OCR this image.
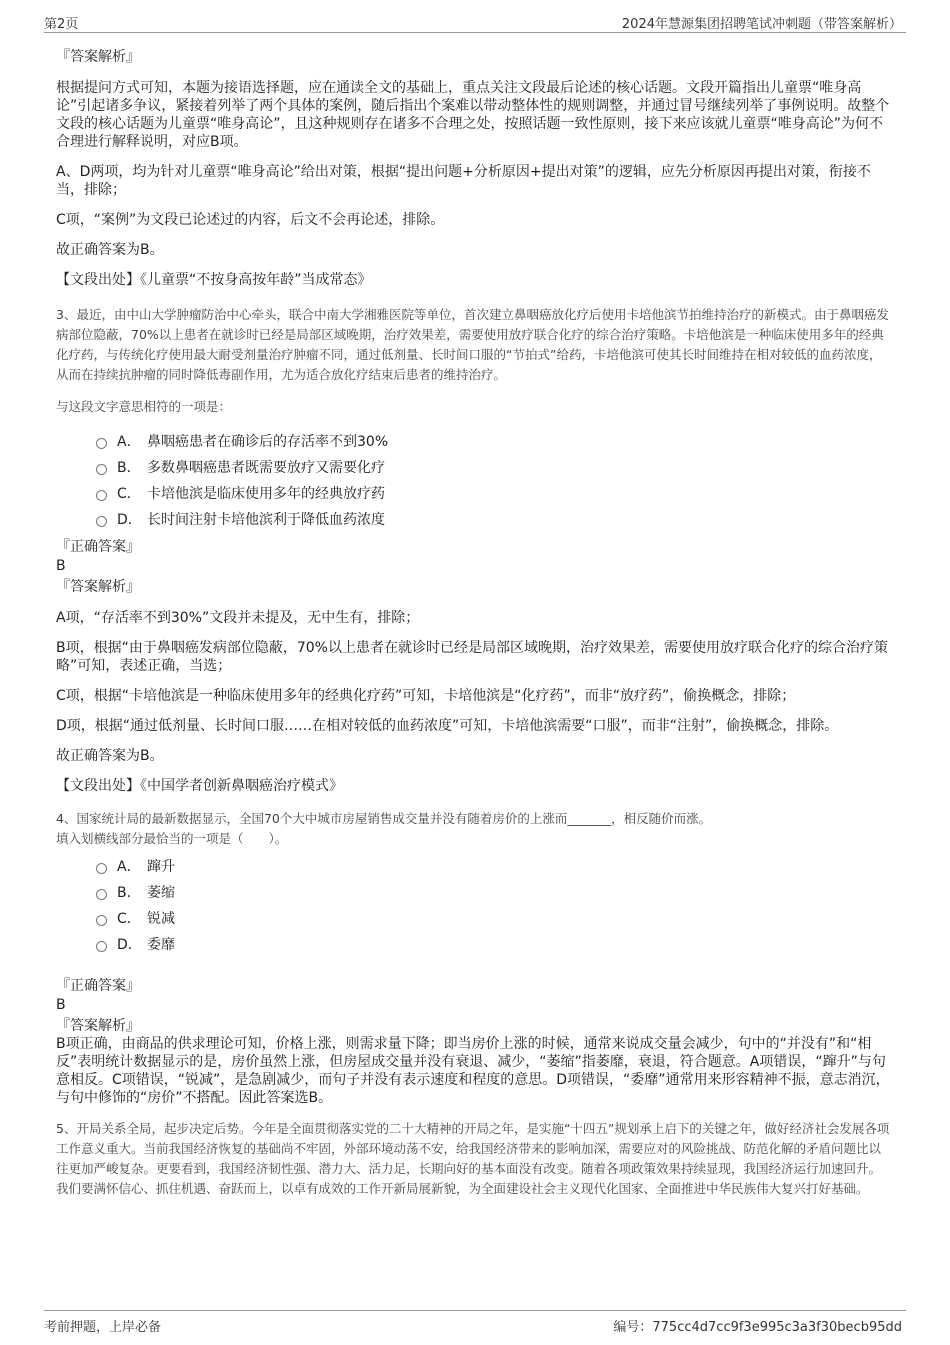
第2页	2024年慧源集团招聘笔试冲刺题（带答案解析）

『答案解析』

根据提问方式可知，本题为接语选择题，应在通读全文的基础上，重点关注文段最后论述的核心话题。文段开篇指出儿童票“唯身高论”引起诸多争议，紧接着列举了两个具体的案例，随后指出个案难以带动整体性的规则调整，并通过冒号继续列举了事例说明。故整个文段的核心话题为儿童票“唯身高论”，且这种规则存在诸多不合理之处，按照话题一致性原则，接下来应该就儿童票“唯身高论”为何不合理进行解释说明，对应B项。

A、D两项，均为针对儿童票“唯身高论”给出对策，根据“提出问题+分析原因+提出对策”的逻辑，应先分析原因再提出对策，衔接不当，排除；

C项，“案例”为文段已论述过的内容，后文不会再论述，排除。

故正确答案为B。

【文段出处】《儿童票“不按身高按年龄”当成常态》

3、最近，由中山大学肿瘤防治中心牵头，联合中南大学湘雅医院等单位，首次建立鼻咽癌放化疗后使用卡培他滨节拍维持治疗的新模式。由于鼻咽癌发病部位隐蔽，70%以上患者在就诊时已经是局部区域晚期，治疗效果差，需要使用放疗联合化疗的综合治疗策略。卡培他滨是一种临床使用多年的经典化疗药，与传统化疗使用最大耐受剂量治疗肿瘤不同，通过低剂量、长时间口服的“节拍式”给药，卡培他滨可使其长时间维持在相对较低的血药浓度，从而在持续抗肿瘤的同时降低毒副作用，尤为适合放化疗结束后患者的维持治疗。

与这段文字意思相符的一项是：

A． 鼻咽癌患者在确诊后的存活率不到30%
B． 多数鼻咽癌患者既需要放疗又需要化疗
C． 卡培他滨是临床使用多年的经典放疗药
D． 长时间注射卡培他滨利于降低血药浓度

『正确答案』

B

『答案解析』

A项，“存活率不到30%”文段并未提及，无中生有，排除；

B项，根据“由于鼻咽癌发病部位隐蔽，70%以上患者在就诊时已经是局部区域晚期，治疗效果差，需要使用放疗联合化疗的综合治疗策略”可知，表述正确，当选；

C项，根据“卡培他滨是一种临床使用多年的经典化疗药”可知，卡培他滨是“化疗药”，而非“放疗药”，偷换概念，排除；

D项，根据“通过低剂量、长时间口服……在相对较低的血药浓度”可知，卡培他滨需要“口服”，而非“注射”，偷换概念，排除。

故正确答案为B。

【文段出处】《中国学者创新鼻咽癌治疗模式》

4、国家统计局的最新数据显示，全国70个大中城市房屋销售成交量并没有随着房价的上涨而_______，相反随价而涨。

填入划横线部分最恰当的一项是（　　）。

A． 蹿升
B． 萎缩
C． 锐减
D． 委靡

『正确答案』

B

『答案解析』

B项正确，由商品的供求理论可知，价格上涨，则需求量下降；即当房价上涨的时候，通常来说成交量会减少，句中的“并没有”和“相反”表明统计数据显示的是，房价虽然上涨，但房屋成交量并没有衰退、减少，“萎缩”指萎靡，衰退，符合题意。A项错误，“蹿升”与句意相反。C项错误，“锐减”，是急剧减少，而句子并没有表示速度和程度的意思。D项错误，“委靡”通常用来形容精神不振，意志消沉，与句中修饰的“房价”不搭配。因此答案选B。

5、开局关系全局，起步决定后势。今年是全面贯彻落实党的二十大精神的开局之年，是实施“十四五”规划承上启下的关键之年，做好经济社会发展各项工作意义重大。当前我国经济恢复的基础尚不牢固，外部环境动荡不安，给我国经济带来的影响加深，需要应对的风险挑战、防范化解的矛盾问题比以往更加严峻复杂。更要看到，我国经济韧性强、潜力大、活力足，长期向好的基本面没有改变。随着各项政策效果持续显现，我国经济运行加速回升。我们要满怀信心、抓住机遇、奋跃而上，以卓有成效的工作开新局展新貌，为全面建设社会主义现代化国家、全面推进中华民族伟大复兴打好基础。

考前押题，上岸必备	编号：775cc4d7cc9f3e995c3a3f30becb95dd
